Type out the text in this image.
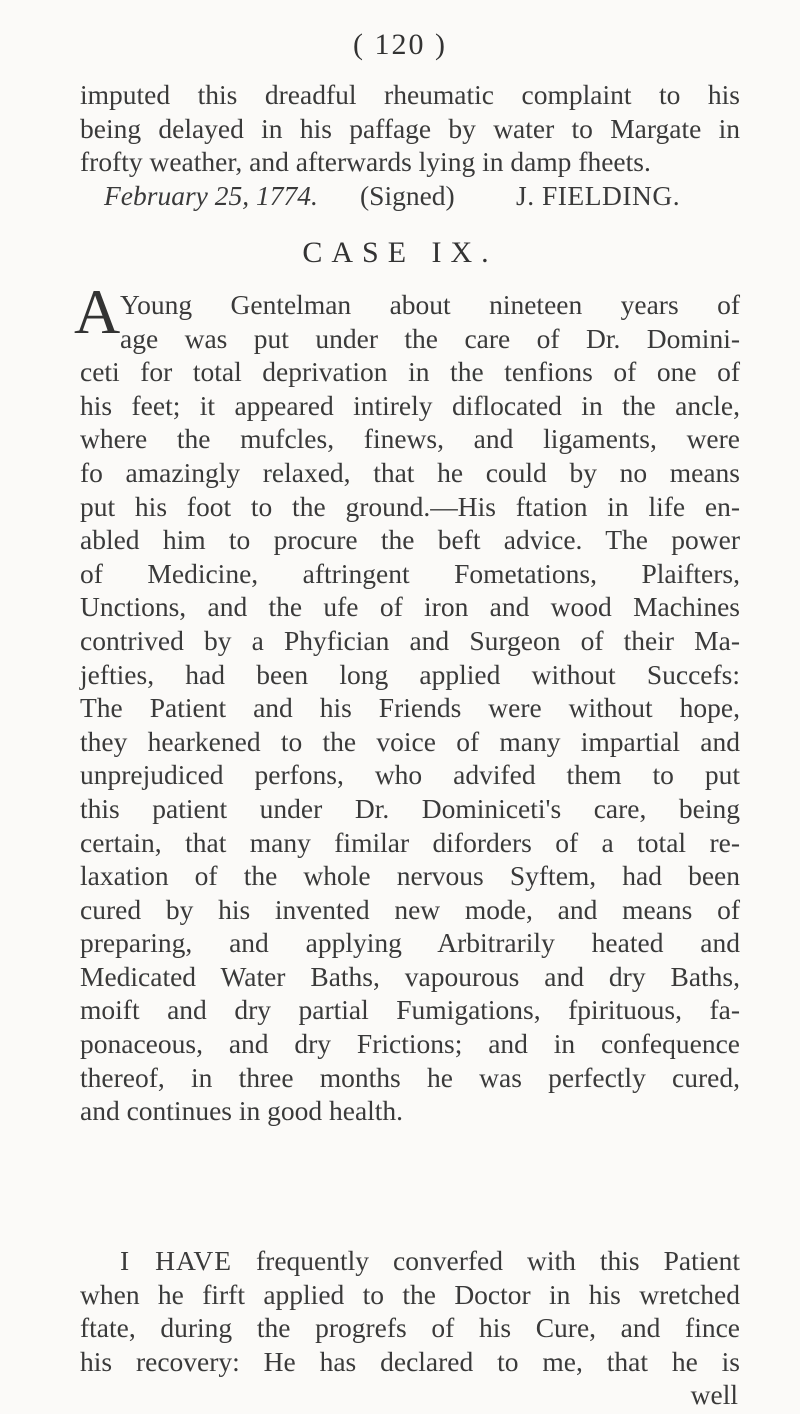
( 120 )
imputed this dreadful rheumatic complaint to his
being delayed in his paffage by water to Margate in
frofty weather, and afterwards lying in damp fheets.
February 25, 1774. (Signed) J. FIELDING.
CASE IX.
A Young Gentelman about nineteen years of
age was put under the care of Dr. Domini-
ceti for total deprivation in the tenfions of one of
his feet; it appeared intirely diflocated in the ancle,
where the mufcles, finews, and ligaments, were
fo amazingly relaxed, that he could by no means
put his foot to the ground.—His ftation in life en-
abled him to procure the beft advice. The power
of Medicine, aftringent Fometations, Plaifters,
Unctions, and the ufe of iron and wood Machines
contrived by a Phyfician and Surgeon of their Ma-
jefties, had been long applied without Succefs:
The Patient and his Friends were without hope,
they hearkened to the voice of many impartial and
unprejudiced perfons, who advifed them to put
this patient under Dr. Dominiceti's care, being
certain, that many fimilar diforders of a total re-
laxation of the whole nervous Syftem, had been
cured by his invented new mode, and means of
preparing, and applying Arbitrarily heated and
Medicated Water Baths, vapourous and dry Baths,
moift and dry partial Fumigations, fpirituous, fa-
ponaceous, and dry Frictions; and in confequence
thereof, in three months he was perfectly cured,
and continues in good health.
I HAVE frequently converfed with this Patient
when he firft applied to the Doctor in his wretched
ftate, during the progrefs of his Cure, and fince
his recovery: He has declared to me, that he is
well
